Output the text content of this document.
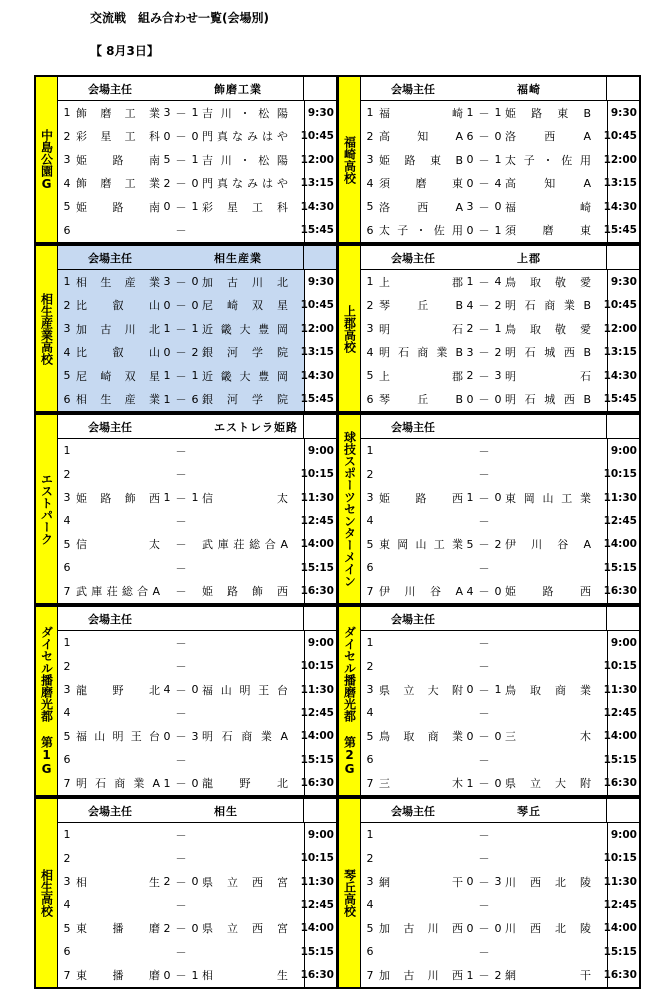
交流戦　組み合わせ一覧(会場別)
【 8月3日】
中島公園G
会場主任	飾磨工業
1 飾磨工業 3 － 1 吉川・松陽	9:30
2 彩星工科 0 － 0 門真なみはや 10:45
3 姫路南 5 － 1 吉川・松陽 12:00
4 飾磨工業 2 － 0 門真なみはや 13:15
5 姫路南 0 － 1 彩星工科 14:30
6	－	15:45
福崎高校
会場主任	福崎
1 福崎 1 － 1 姫路東B	9:30
2 高知A 6 － 0 洛西A 10:45
3 姫路東B 0 － 1 太子・佐用 12:00
4 須磨東 0 － 4 高知A 13:15
5 洛西A 3 － 0 福崎 14:30
6 太子・佐用 0 － 1 須磨東 15:45
相生産業高校
会場主任	相生産業
1 相生産業 3 － 0 加古川北	9:30
2 比叡山 0 － 0 尼崎双星 10:45
3 加古川北 1 － 1 近畿大豊岡 12:00
4 比叡山 0 － 2 銀河学院 13:15
5 尼崎双星 1 － 1 近畿大豊岡 14:30
6 相生産業 1 － 6 銀河学院 15:45
上郡高校
会場主任	上郡
1 上郡 1 － 4 鳥取敬愛	9:30
2 琴丘B 4 － 2 明石商業B 10:45
3 明石 2 － 1 鳥取敬愛 12:00
4 明石商業B 3 － 2 明石城西B 13:15
5 上郡 2 － 3 明石 14:30
6 琴丘B 0 － 0 明石城西B 15:45
エストパーク
会場主任	エストレラ姫路
1	－	9:00
2	－	10:15
3 姫路飾西 1 － 1 信太 11:30
4	－	12:45
5 信太 － 武庫荘総合A 14:00
6	－	15:15
7 武庫荘総合A － 姫路飾西 16:30
球技スポーツセンターメイン
会場主任
1	－	9:00
2	－	10:15
3 姫路西 1 － 0 東岡山工業 11:30
4	－	12:45
5 東岡山工業 5 － 2 伊川谷A 14:00
6	－	15:15
7 伊川谷A 4 － 0 姫路西 16:30
ダイセル播磨光都 第1G
会場主任
1	－	9:00
2	－	10:15
3 龍野北 4 － 0 福山明王台 11:30
4	－	12:45
5 福山明王台 0 － 3 明石商業A 14:00
6	－	15:15
7 明石商業A 1 － 0 龍野北 16:30
ダイセル播磨光都 第2G
会場主任
1	－	9:00
2	－	10:15
3 県立大附 0 － 1 鳥取商業 11:30
4	－	12:45
5 鳥取商業 0 － 0 三木 14:00
6	－	15:15
7 三木 1 － 0 県立大附 16:30
相生高校
会場主任	相生
1	－	9:00
2	－	10:15
3 相生 2 － 0 県立西宮 11:30
4	－	12:45
5 東播磨 2 － 0 県立西宮 14:00
6	－	15:15
7 東播磨 0 － 1 相生 16:30
琴丘高校
会場主任	琴丘
1	－	9:00
2	－	10:15
3 網干 0 － 3 川西北陵 11:30
4	－	12:45
5 加古川西 0 － 0 川西北陵 14:00
6	－	15:15
7 加古川西 1 － 2 網干 16:30
